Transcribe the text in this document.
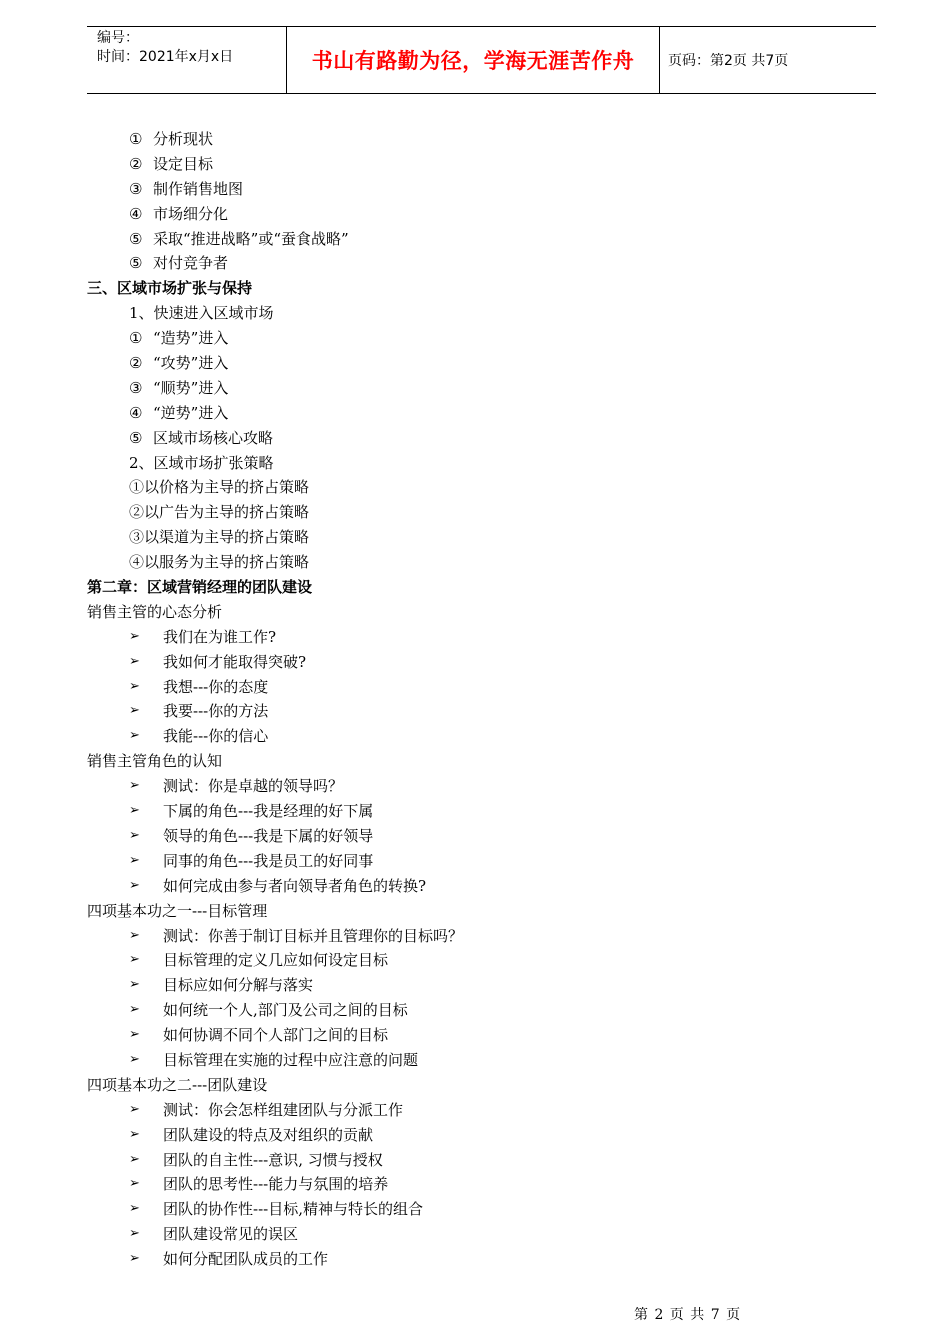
编号：
时间：2021年x月x日	书山有路勤为径，学海无涯苦作舟 页码：第2页 共7页
① 分析现状
② 设定目标
③ 制作销售地图
④ 市场细分化
⑤ 采取“推进战略”或“蚕食战略”
⑤ 对付竞争者
三、区域市场扩张与保持
1、快速进入区域市场
① “造势”进入
② “攻势”进入
③ “顺势”进入
④ “逆势”进入
⑤ 区域市场核心攻略
2、区域市场扩张策略
①以价格为主导的挤占策略
②以广告为主导的挤占策略
③以渠道为主导的挤占策略
④以服务为主导的挤占策略
第二章：区域营销经理的团队建设
销售主管的心态分析
➢	我们在为谁工作?
➢	我如何才能取得突破?
➢	我想---你的态度
➢	我要---你的方法
➢	我能---你的信心
销售主管角色的认知
➢	测试：你是卓越的领导吗？
➢	下属的角色---我是经理的好下属
➢	领导的角色---我是下属的好领导
➢	同事的角色---我是员工的好同事
➢	如何完成由参与者向领导者角色的转换?
四项基本功之一---目标管理
➢	测试：你善于制订目标并且管理你的目标吗？
➢	目标管理的定义几应如何设定目标
➢	目标应如何分解与落实
➢	如何统一个人,部门及公司之间的目标
➢	如何协调不同个人部门之间的目标
➢	目标管理在实施的过程中应注意的问题
四项基本功之二---团队建设
➢	测试：你会怎样组建团队与分派工作
➢	团队建设的特点及对组织的贡献
➢	团队的自主性---意识, 习惯与授权
➢	团队的思考性---能力与氛围的培养
➢	团队的协作性---目标,精神与特长的组合
➢	团队建设常见的误区
➢	如何分配团队成员的工作
第 2 页 共 7 页
